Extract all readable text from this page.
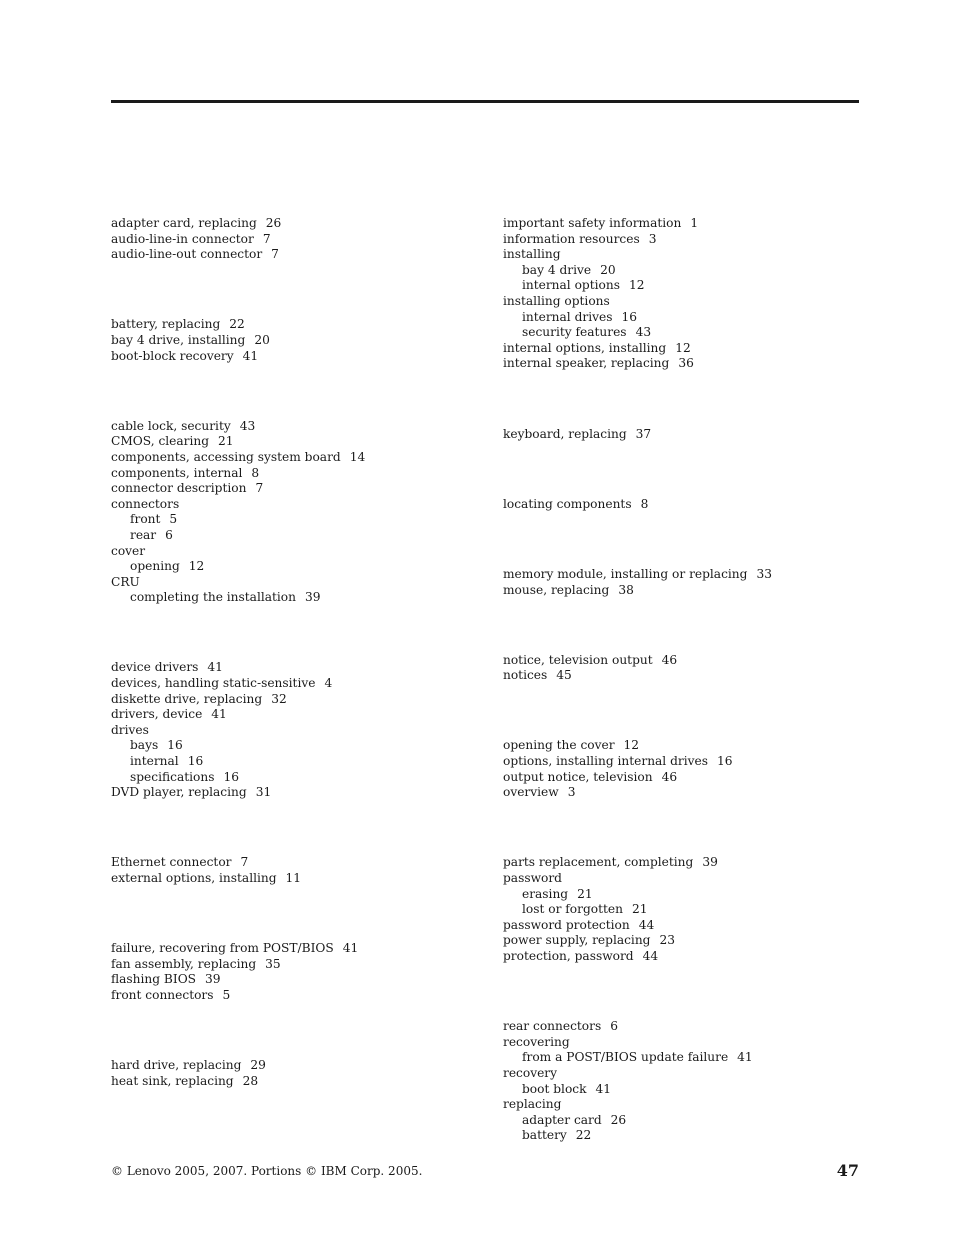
adapter card, replacing 26
audio-line-in connector 7
audio-line-out connector 7
battery, replacing 22
bay 4 drive, installing 20
boot-block recovery 41
cable lock, security 43
CMOS, clearing 21
components, accessing system board 14
components, internal 8
connector description 7
connectors
front 5
rear 6
cover
opening 12
CRU
completing the installation 39
device drivers 41
devices, handling static-sensitive 4
diskette drive, replacing 32
drivers, device 41
drives
bays 16
internal 16
specifications 16
DVD player, replacing 31
Ethernet connector 7
external options, installing 11
failure, recovering from POST/BIOS 41
fan assembly, replacing 35
flashing BIOS 39
front connectors 5
hard drive, replacing 29
heat sink, replacing 28
important safety information 1
information resources 3
installing
bay 4 drive 20
internal options 12
installing options
internal drives 16
security features 43
internal options, installing 12
internal speaker, replacing 36
keyboard, replacing 37
locating components 8
memory module, installing or replacing 33
mouse, replacing 38
notice, television output 46
notices 45
opening the cover 12
options, installing internal drives 16
output notice, television 46
overview 3
parts replacement, completing 39
password
erasing 21
lost or forgotten 21
password protection 44
power supply, replacing 23
protection, password 44
rear connectors 6
recovering
from a POST/BIOS update failure 41
recovery
boot block 41
replacing
adapter card 26
battery 22
© Lenovo 2005, 2007. Portions © IBM Corp. 2005.	47
